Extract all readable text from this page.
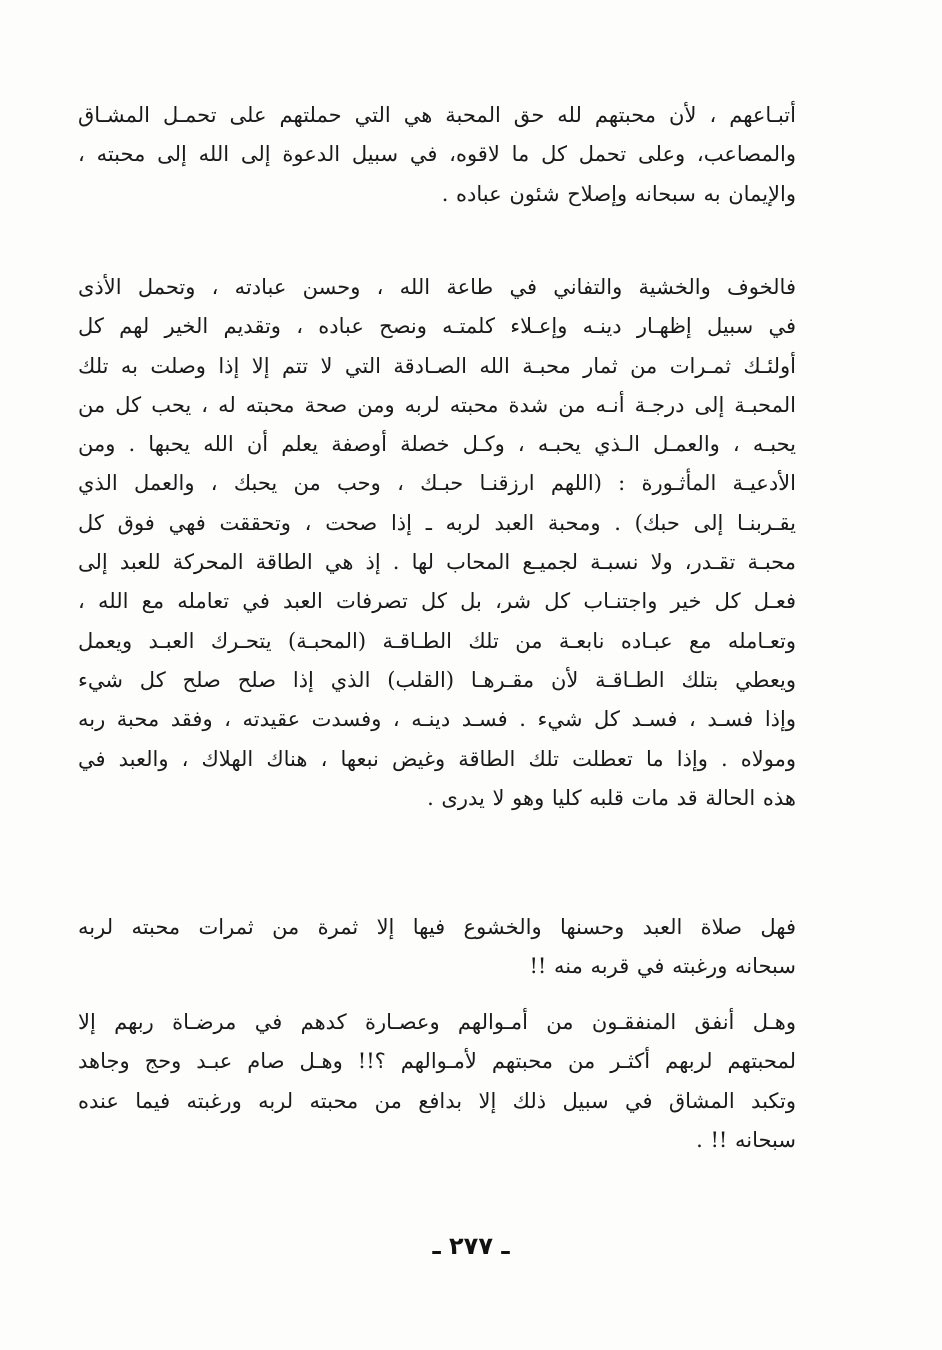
أتبـاعهم ، لأن محبتهم لله حق المحبة هي التي حملتهم على تحمـل المشـاق
والمصاعب، وعلى تحمل كل ما لاقوه، في سبيل الدعوة إلى الله إلى محبته ،
والإيمان به سبحانه وإصلاح شئون عباده .
فالخوف والخشية والتفاني في طاعة الله ، وحسن عبادته ، وتحمل الأذى
في سبيل إظهـار دينـه وإعـلاء كلمتـه ونصح عباده ، وتقديم الخير لهم كل
أولئـك ثمـرات من ثمار محبـة الله الصـادقة التي لا تتم إلا إذا وصلت به تلك
المحبـة إلى درجـة أنـه من شدة محبته لربه ومن صحة محبته له ، يحب كل من
يحبـه ، والعمـل الـذي يحبـه ، وكـل خصلة أوصفة يعلم أن الله يحبها . ومن
الأدعيـة المأثـورة : (اللهم ارزقنـا حبـك ، وحب من يحبك ، والعمل الذي
يقـربنـا إلى حبك) . ومحبة العبد لربه ـ إذا صحت ، وتحققت فهي فوق كل
محبـة تقـدر، ولا نسبـة لجميـع المحاب لها . إذ هي الطاقة المحركة للعبد إلى
فعـل كل خير واجتنـاب كل شر، بل كل تصرفات العبد في تعامله مع الله ،
وتعـامله مع عبـاده نابعـة من تلك الطـاقـة (المحبـة) يتحـرك العبـد ويعمل
ويعطي بتلك الطـاقـة لأن مقـرهـا (القلب) الذي إذا صلح صلح كل شيء
وإذا فسـد ، فسـد كل شيء . فسـد دينـه ، وفسدت عقيدته ، وفقد محبة ربه
ومولاه . وإذا ما تعطلت تلك الطاقة وغيض نبعها ، هناك الهلاك ، والعبد في
هذه الحالة قد مات قلبه كليا وهو لا يدرى .
فهل صلاة العبد وحسنها والخشوع فيها إلا ثمرة من ثمرات محبته لربه
سبحانه ورغبته في قربه منه !!
وهـل أنفق المنفقـون من أمـوالهم وعصـارة كدهم في مرضـاة ربهم إلا
لمحبتهم لربهم أكثـر من محبتهم لأمـوالهم ؟!! وهـل صام عبـد وحج وجاهد
وتكبد المشاق في سبيل ذلك إلا بدافع من محبته لربه ورغبته فيما عنده
سبحانه !! .
ـ ٢٧٧ ـ
